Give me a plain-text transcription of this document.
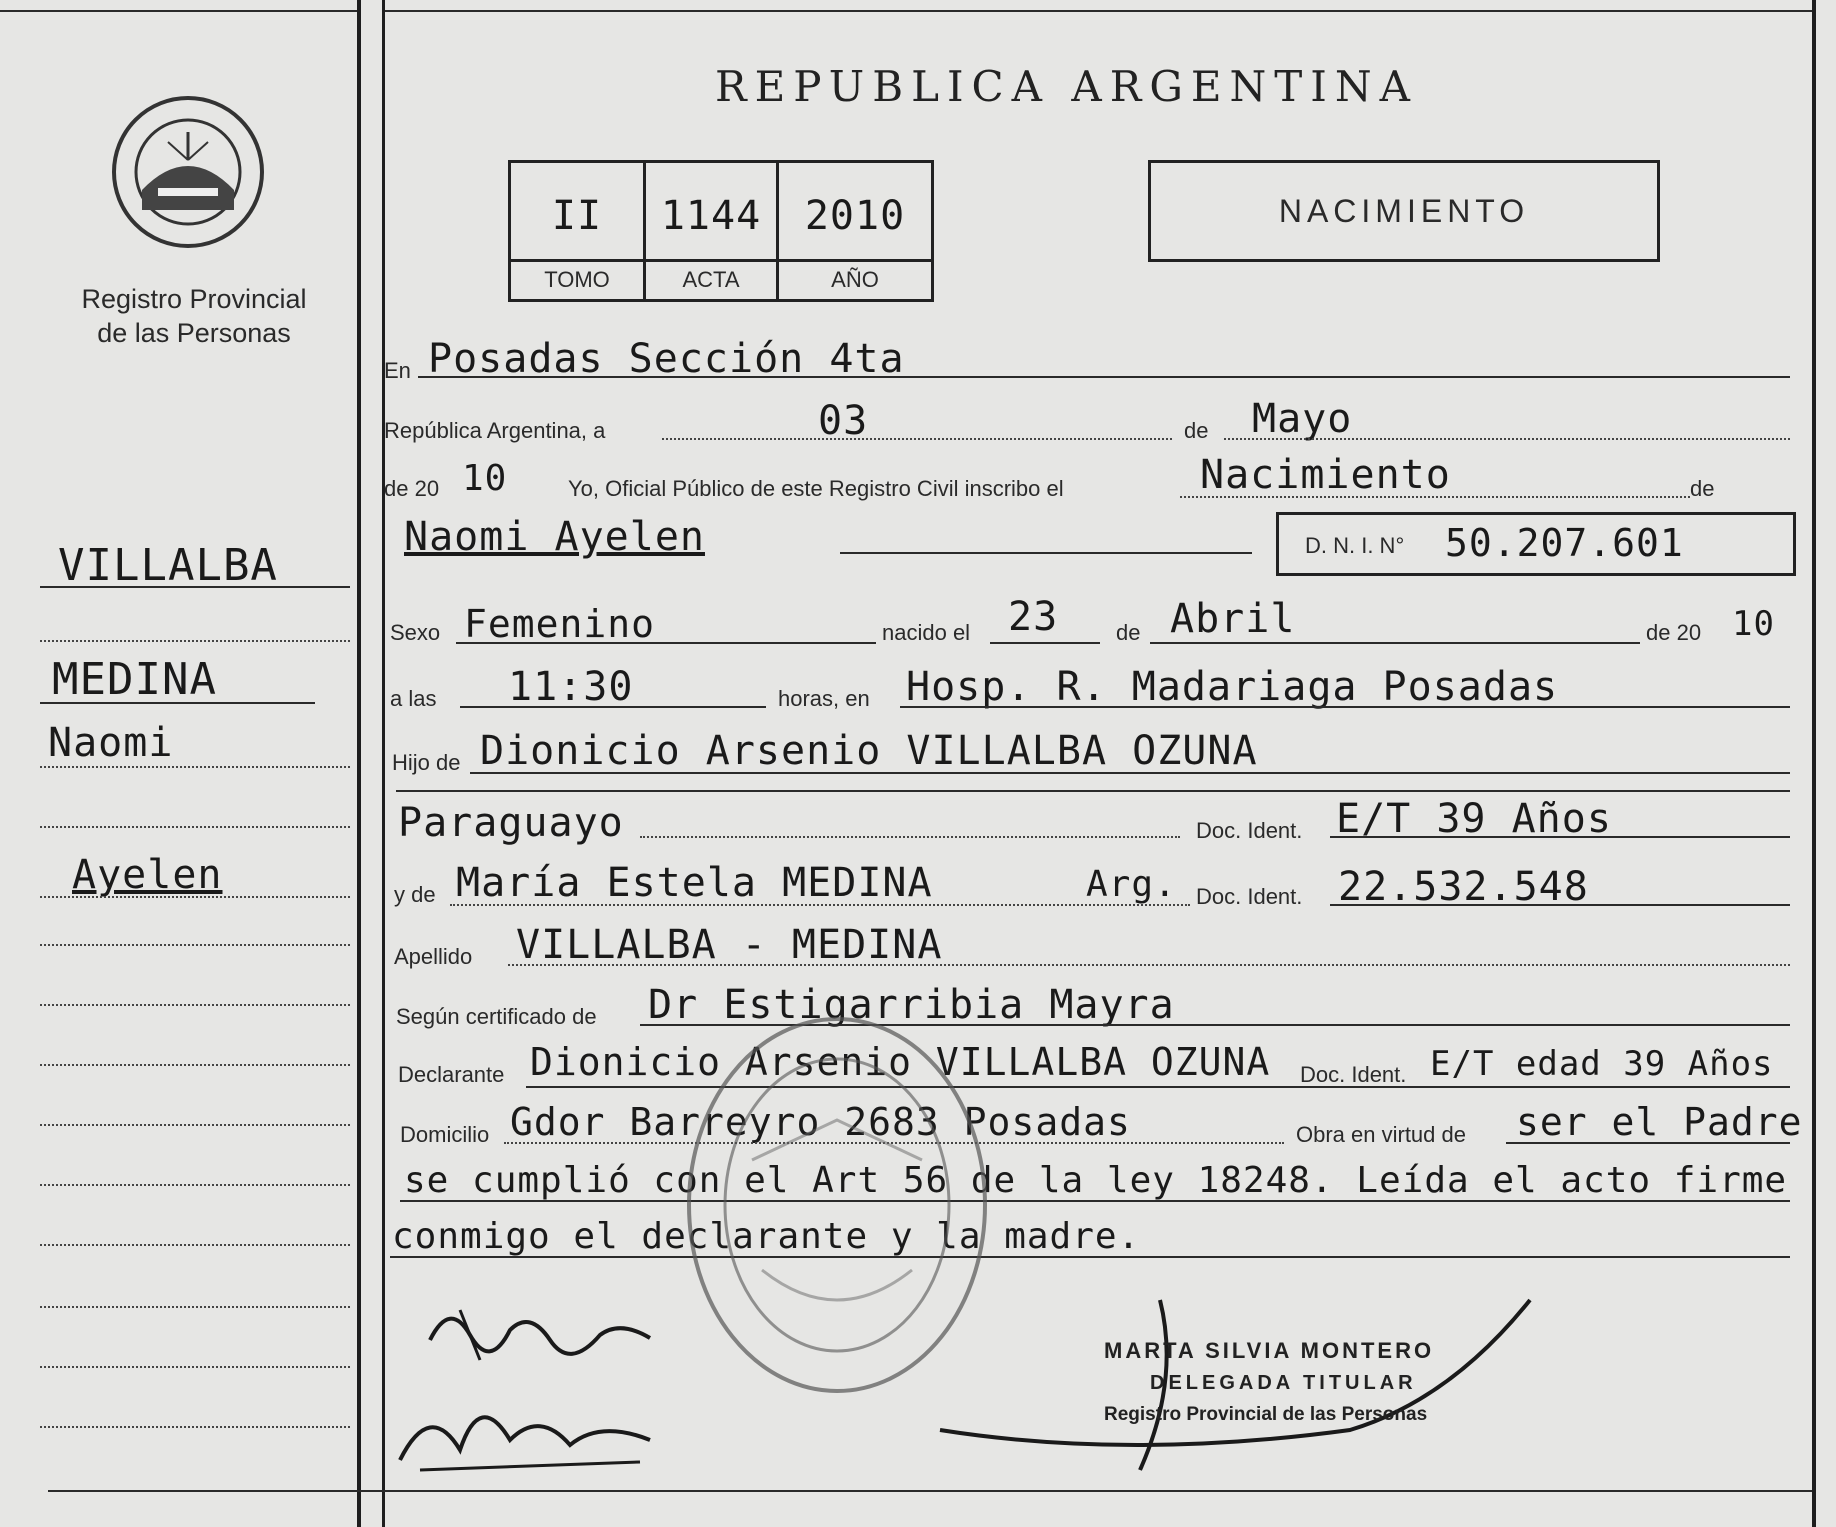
Registro Provincial
de las Personas
VILLALBA
MEDINA
Naomi
Ayelen
REPUBLICA ARGENTINA
II	1144	2010
TOMO	ACTA	AÑO
NACIMIENTO
En Posadas Sección 4ta
República Argentina, a	03	de Mayo
de 20 10	Yo, Oficial Público de este Registro Civil inscribo el	Nacimiento	de
Naomi Ayelen	D. N. I. N° 50.207.601
Sexo Femenino	nacido el 23	de Abril	de 20 10
a las 11:30	horas, en Hosp. R. Madariaga Posadas
Hijo de Dionicio Arsenio VILLALBA OZUNA
Paraguayo	Doc. Ident. E/T 39 Años
y de María Estela MEDINA	Arg. Doc. Ident. 22.532.548
Apellido VILLALBA - MEDINA
Según certificado de Dr Estigarribia Mayra
Declarante Dionicio Arsenio VILLALBA OZUNA Doc. Ident. E/T edad 39 Años
Domicilio Gdor Barreyro 2683 Posadas	Obra en virtud de ser el Padre
se cumplió con el Art 56 de la ley 18248. Leída el acto firme
conmigo el declarante y la madre.
MARTA SILVIA MONTERO
DELEGADA TITULAR
Registro Provincial de las Personas
